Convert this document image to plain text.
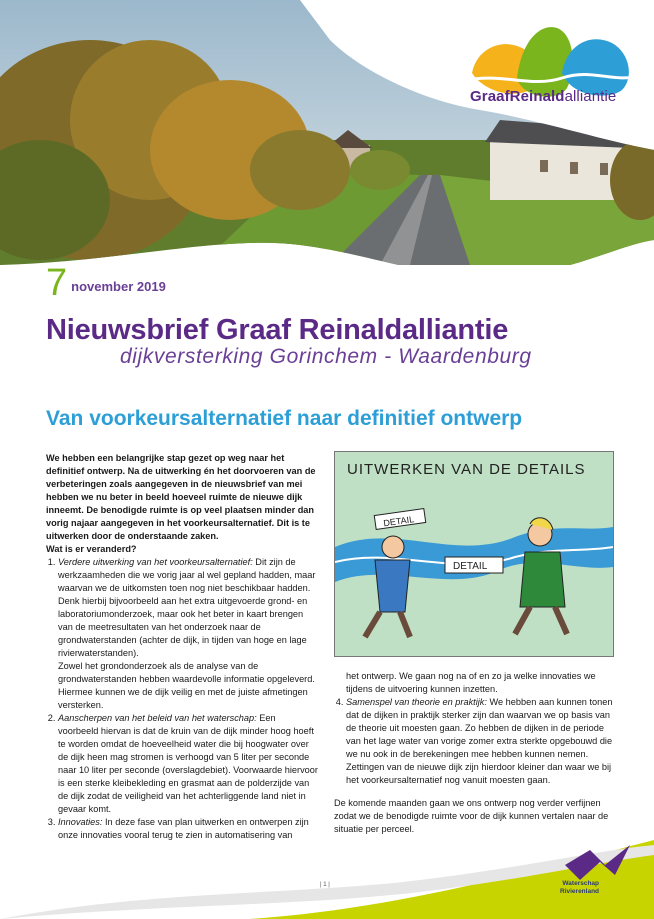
GraafReinaldalliantie
7 november 2019
Nieuwsbrief Graaf Reinaldalliantie
dijkversterking Gorinchem - Waardenburg
Van voorkeursalternatief naar definitief ontwerp

We hebben een belangrijke stap gezet op weg naar het definitief ontwerp. Na de uitwerking én het doorvoeren van de verbeteringen zoals aangegeven in de nieuwsbrief van mei hebben we nu beter in beeld hoeveel ruimte de nieuwe dijk inneemt. De benodigde ruimte is op veel plaatsen minder dan vorig najaar aangegeven in het voorkeursalternatief. Dit is te uitwerken door de onderstaande zaken.

Wat is er veranderd?

1. Verdere uitwerking van het voorkeursalternatief: Dit zijn de werkzaamheden die we vorig jaar al wel gepland hadden, maar waarvan we de uitkomsten toen nog niet beschikbaar hadden. Denk hierbij bijvoorbeeld aan het extra uitgevoerde grond- en laboratoriumonderzoek, maar ook het beter in kaart brengen van de meetresultaten van het onderzoek naar de grondwaterstanden (achter de dijk, in tijden van hoge en lage rivierwaterstanden).
Zowel het grondonderzoek als de analyse van de grondwaterstanden hebben waardevolle informatie opgeleverd. Hiermee kunnen we de dijk veilig en met de juiste afmetingen versterken.
2. Aanscherpen van het beleid van het waterschap: Een voorbeeld hiervan is dat de kruin van de dijk minder hoog hoeft te worden omdat de hoeveelheid water die bij hoogwater over de dijk heen mag stromen is verhoogd van 5 liter per seconde naar 10 liter per seconde (overslagdebiet). Voorwaarde hiervoor is een sterke kleibekleding en grasmat aan de polderzijde van de dijk zodat de veiligheid van het achterliggende land niet in gevaar komt.
3. Innovaties: In deze fase van plan uitwerken en ontwerpen zijn onze innovaties vooral terug te zien in automatisering van
UITWERKEN VAN DE DETAILS
DETAIL
DETAIL

het ontwerp. We gaan nog na of en zo ja welke innovaties we tijdens de uitvoering kunnen inzetten.

4. Samenspel van theorie en praktijk: We hebben aan kunnen tonen dat de dijken in praktijk sterker zijn dan waarvan we op basis van de theorie uit moesten gaan. Zo hebben de dijken in de periode van het lage water van vorige zomer extra sterkte opgebouwd die we nu ook in de berekeningen mee hebben kunnen nemen. Zettingen van de nieuwe dijk zijn hierdoor kleiner dan waar we bij het voorkeursalternatief nog vanuit moesten gaan.

De komende maanden gaan we ons ontwerp nog verder verfijnen zodat we de benodigde ruimte voor de dijk kunnen vertalen naar de situatie per perceel.

| 1 |	Waterschap
Rivierenland
